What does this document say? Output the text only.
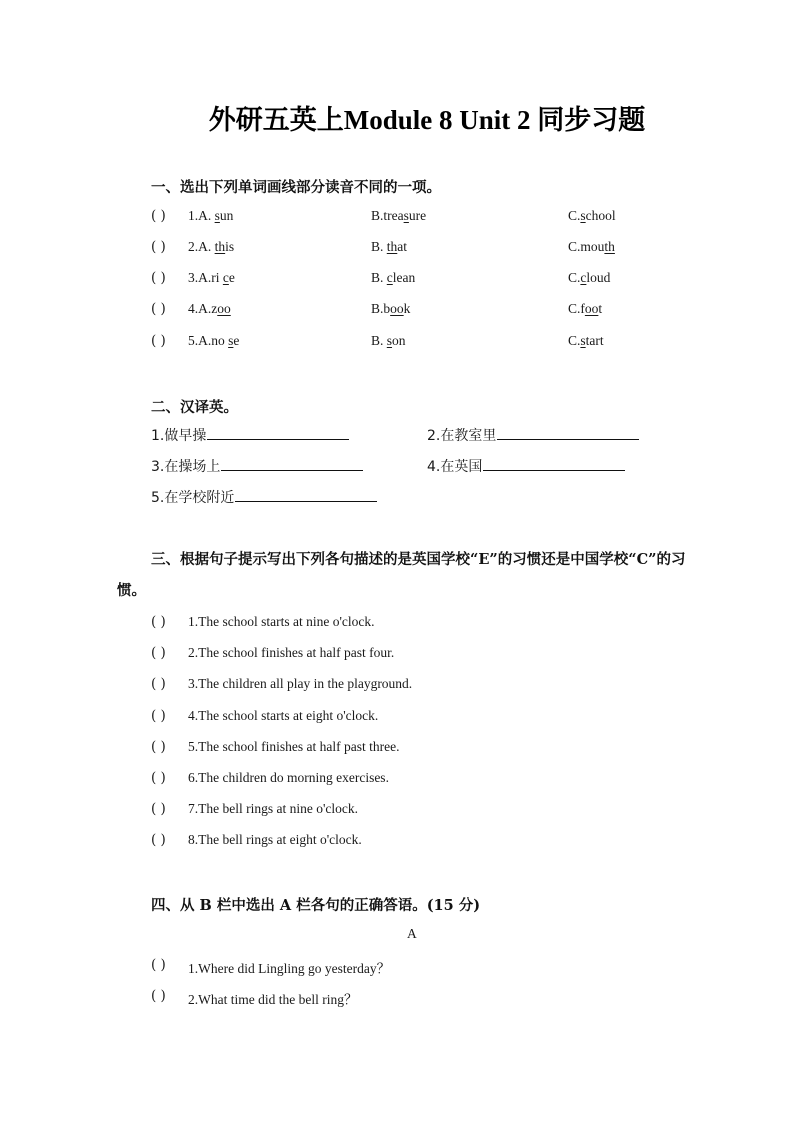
外研五英上Module 8 Unit 2 同步习题
一、选出下列单词画线部分读音不同的一项。
( ) 1.A. sun	B.treasure	C.school
( ) 2.A. this	B. that	C.mouth
( ) 3.A.ri ce	B. clean	C.cloud
( ) 4.A.zoo	B.book	C.foot
( ) 5.A.no se	B. son	C.start
二、汉译英。
1.做早操	2.在教室里
3.在操场上	4.在英国
5.在学校附近
三、根据句子提示写出下列各句描述的是英国学校“E”的习惯还是中国学校“C”的习惯。
( ) 1.The school starts at nine o'clock.
( ) 2.The school finishes at half past four.
( ) 3.The children all play in the playground.
( ) 4.The school starts at eight o'clock.
( ) 5.The school finishes at half past three.
( ) 6.The children do morning exercises.
( ) 7.The bell rings at nine o'clock.
( ) 8.The bell rings at eight o'clock.
四、从 B 栏中选出 A 栏各句的正确答语。(15 分)
A
( ) 1.Where did Lingling go yesterday？
( ) 2.What time did the bell ring？
